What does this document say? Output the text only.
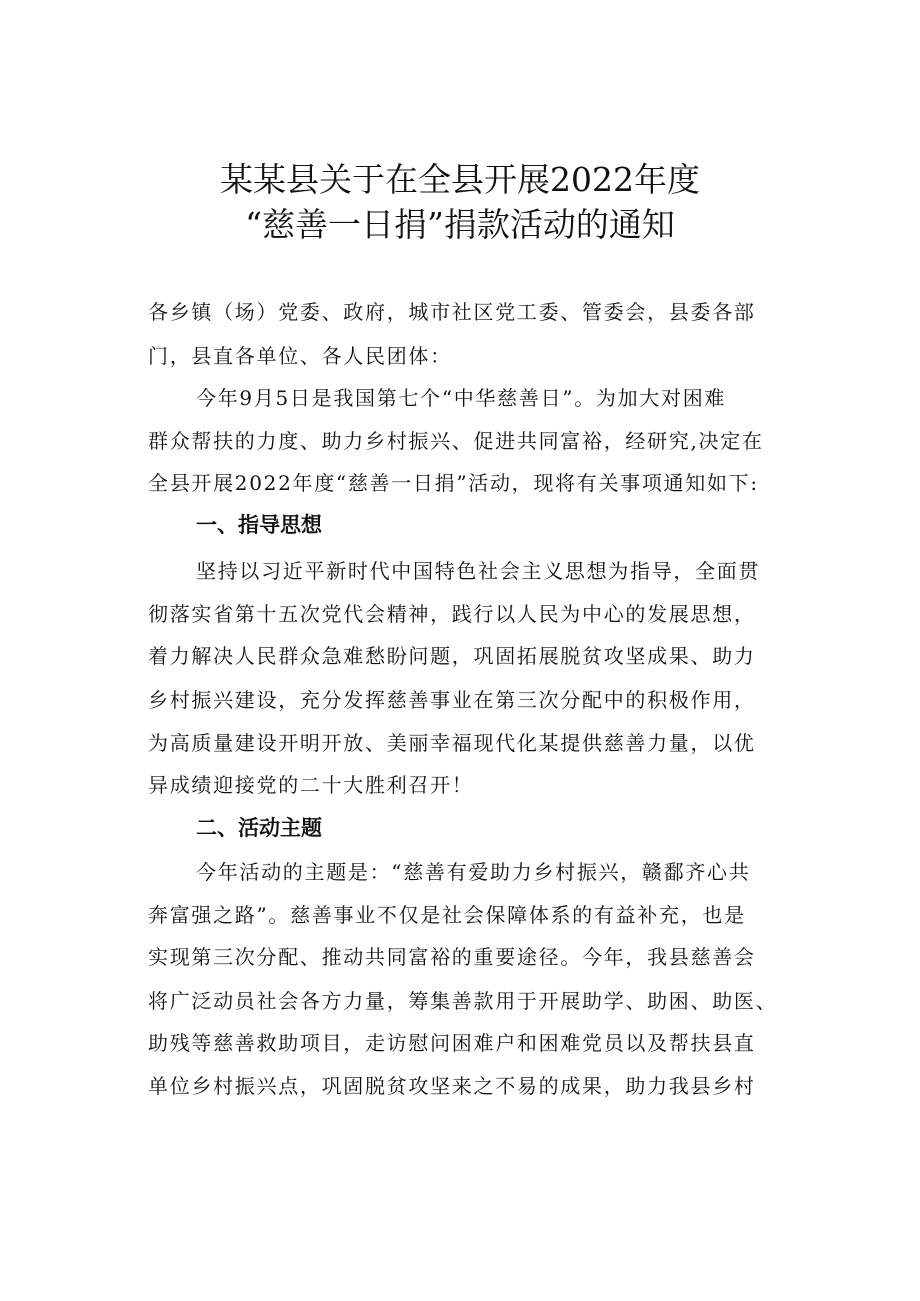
某某县关于在全县开展2022年度
“慈善一日捐”捐款活动的通知
各乡镇（场）党委、政府，城市社区党工委、管委会，县委各部
门，县直各单位、各人民团体：
今年9月5日是我国第七个“中华慈善日”。为加大对困难
群众帮扶的力度、助力乡村振兴、促进共同富裕，经研究,决定在
全县开展2022年度“慈善一日捐”活动，现将有关事项通知如下:
一、指导思想
坚持以习近平新时代中国特色社会主义思想为指导，全面贯
彻落实省第十五次党代会精神，践行以人民为中心的发展思想，
着力解决人民群众急难愁盼问题，巩固拓展脱贫攻坚成果、助力
乡村振兴建设，充分发挥慈善事业在第三次分配中的积极作用，
为高质量建设开明开放、美丽幸福现代化某提供慈善力量，以优
异成绩迎接党的二十大胜利召开！
二、活动主题
今年活动的主题是：“慈善有爱助力乡村振兴，赣鄱齐心共
奔富强之路”。慈善事业不仅是社会保障体系的有益补充，也是
实现第三次分配、推动共同富裕的重要途径。今年，我县慈善会
将广泛动员社会各方力量，筹集善款用于开展助学、助困、助医、
助残等慈善救助项目，走访慰问困难户和困难党员以及帮扶县直
单位乡村振兴点，巩固脱贫攻坚来之不易的成果，助力我县乡村
